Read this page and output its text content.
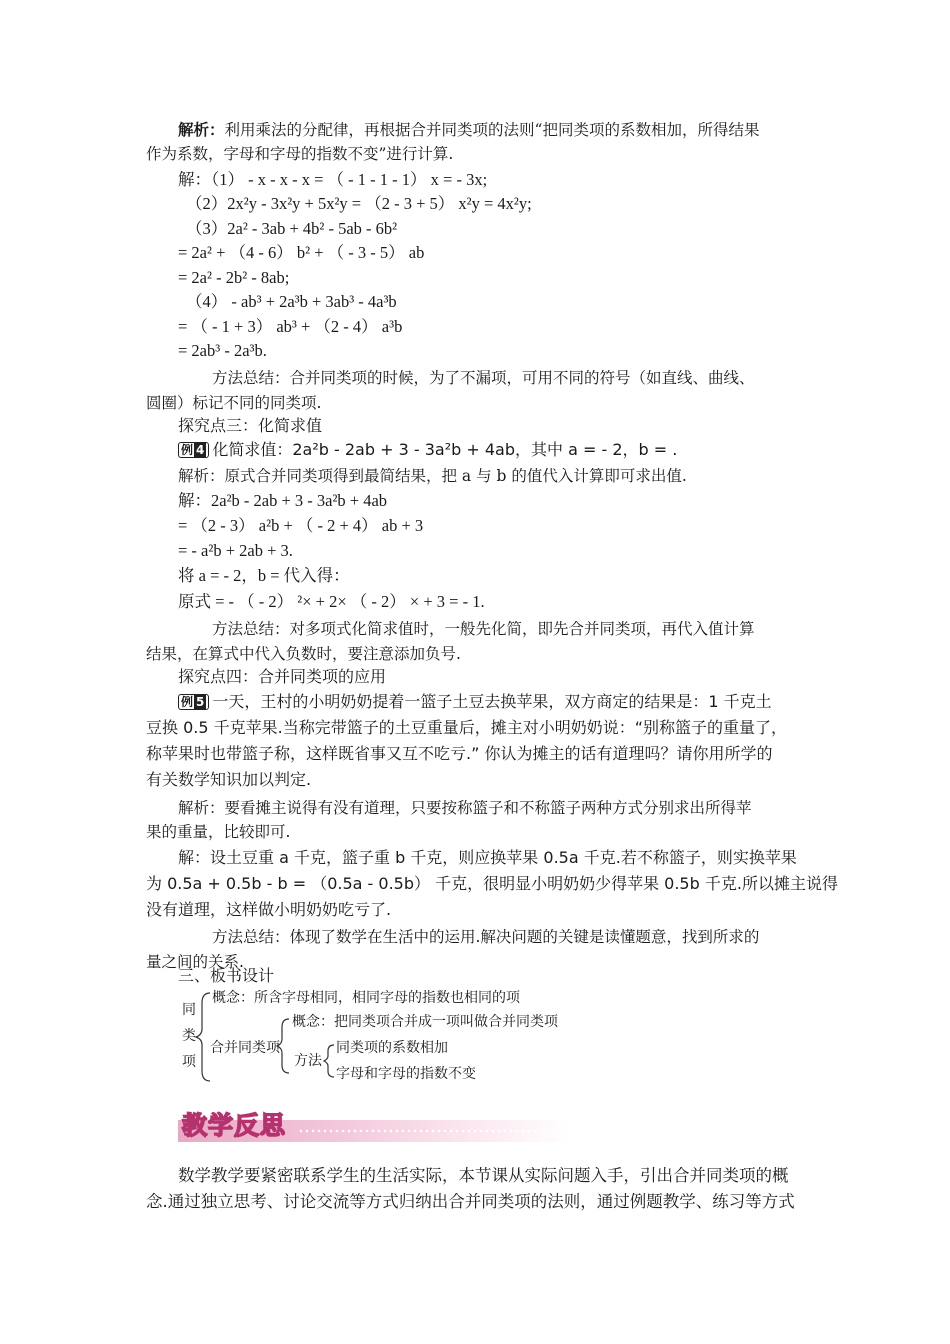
解析：利用乘法的分配律，再根据合并同类项的法则“把同类项的系数相加，所得结果
作为系数，字母和字母的指数不变”进行计算.
解：（1） - x - x - x = （ - 1 - 1 - 1） x = - 3x;
（2）2x²y - 3x²y + 5x²y = （2 - 3 + 5） x²y = 4x²y;
（3）2a² - 3ab + 4b² - 5ab - 6b²
= 2a² + （4 - 6） b² + （ - 3 - 5） ab
= 2a² - 2b² - 8ab;
（4） - ab³ + 2a³b + 3ab³ - 4a³b
= （ - 1 + 3） ab³ + （2 - 4） a³b
= 2ab³ - 2a³b.
方法总结：合并同类项的时候，为了不漏项，可用不同的符号（如直线、曲线、
圆圈）标记不同的同类项.
探究点三：化简求值
例 4 化简求值：2a²b - 2ab + 3 - 3a²b + 4ab，其中 a = - 2，b = .
解析：原式合并同类项得到最简结果，把 a 与 b 的值代入计算即可求出值.
解：2a²b - 2ab + 3 - 3a²b + 4ab
= （2 - 3） a²b + （ - 2 + 4） ab + 3
= - a²b + 2ab + 3.
将 a = - 2，b = 代入得：
原式 = - （ - 2） ²× + 2× （ - 2） × + 3 = - 1.
方法总结：对多项式化简求值时，一般先化简，即先合并同类项，再代入值计算
结果，在算式中代入负数时，要注意添加负号.
探究点四：合并同类项的应用
例 5 一天，王村的小明奶奶提着一篮子土豆去换苹果，双方商定的结果是：1 千克土
豆换 0.5 千克苹果.当称完带篮子的土豆重量后，摊主对小明奶奶说：“别称篮子的重量了，
称苹果时也带篮子称，这样既省事又互不吃亏.” 你认为摊主的话有道理吗？请你用所学的
有关数学知识加以判定.
解析：要看摊主说得有没有道理，只要按称篮子和不称篮子两种方式分别求出所得苹
果的重量，比较即可.
解：设土豆重 a 千克，篮子重 b 千克，则应换苹果 0.5a 千克.若不称篮子，则实换苹果
为 0.5a + 0.5b - b = （0.5a - 0.5b） 千克，很明显小明奶奶少得苹果 0.5b 千克.所以摊主说得
没有道理，这样做小明奶奶吃亏了.
方法总结：体现了数学在生活中的运用.解决问题的关键是读懂题意，找到所求的
量之间的关系.
三、板书设计
同
类
项
概念：所含字母相同，相同字母的指数也相同的项
合并同类项
概念：把同类项合并成一项叫做合并同类项
方法
同类项的系数相加
字母和字母的指数不变
教学反思
数学教学要紧密联系学生的生活实际，本节课从实际问题入手，引出合并同类项的概
念.通过独立思考、讨论交流等方式归纳出合并同类项的法则，通过例题教学、练习等方式
